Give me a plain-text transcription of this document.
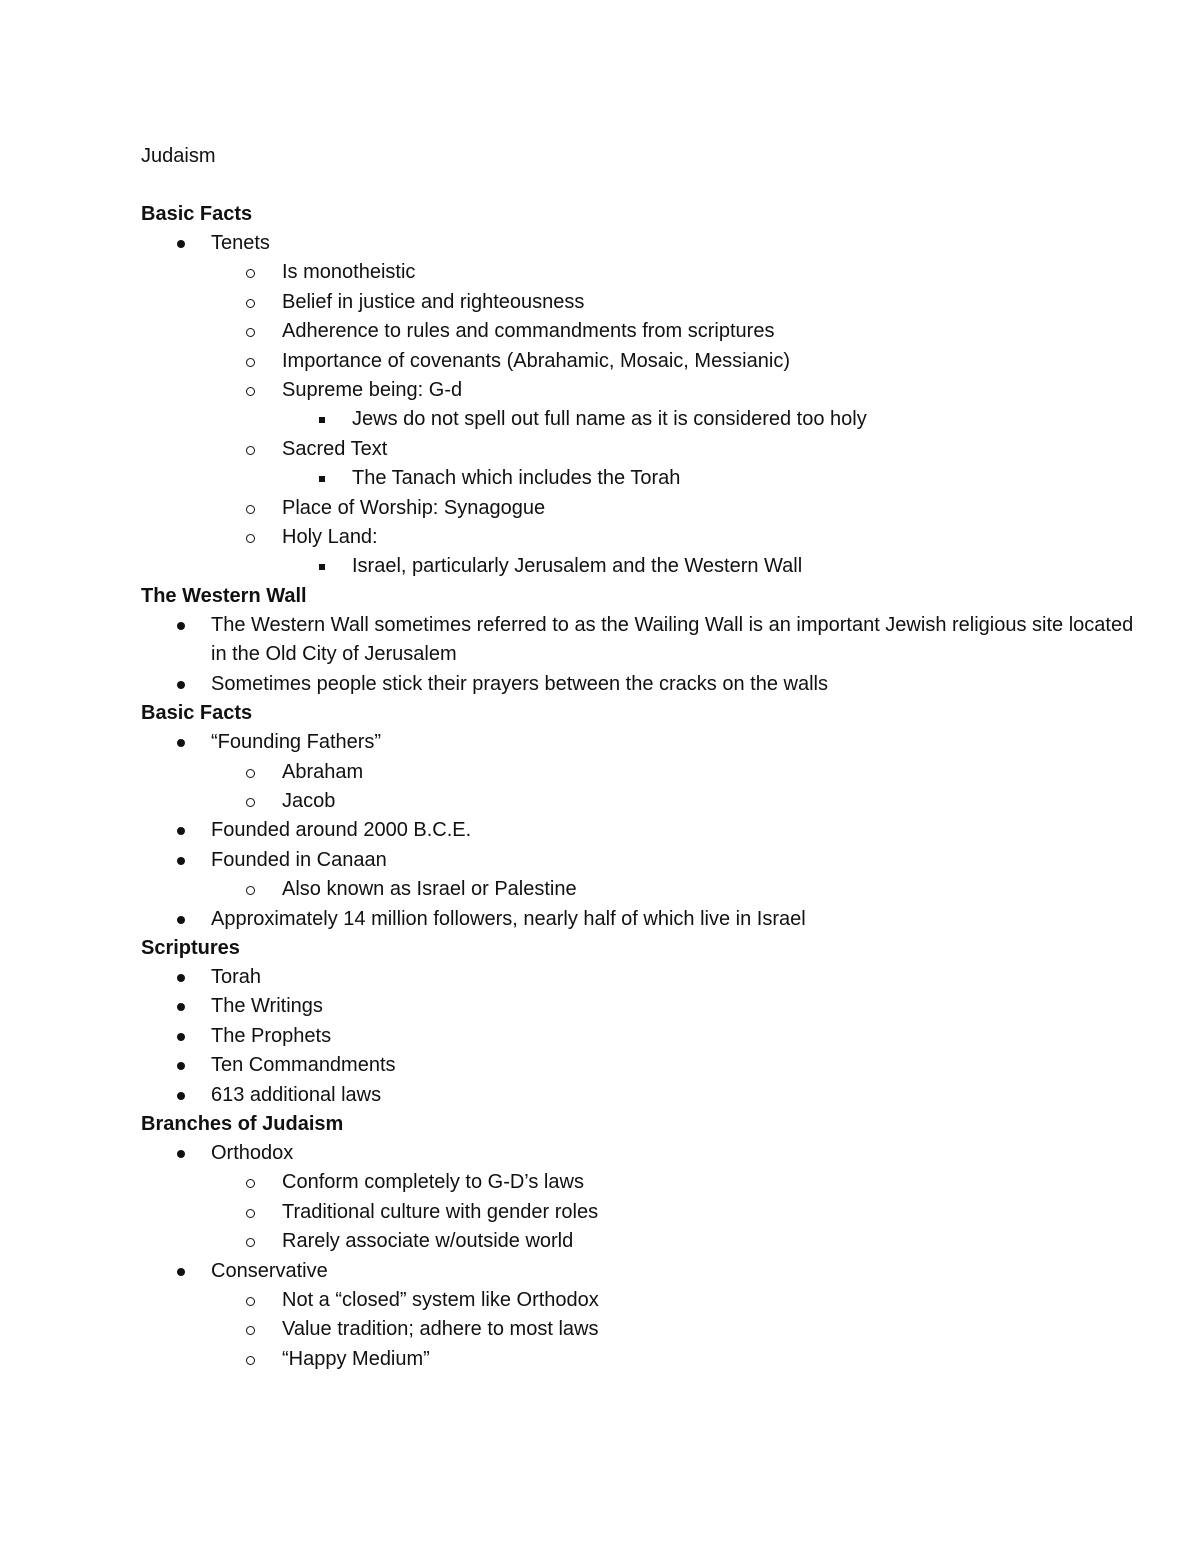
Judaism

Basic Facts

Tenets
Is monotheistic
Belief in justice and righteousness
Adherence to rules and commandments from scriptures
Importance of covenants (Abrahamic, Mosaic, Messianic)
Supreme being: G-d
Jews do not spell out full name as it is considered too holy
Sacred Text
The Tanach which includes the Torah
Place of Worship: Synagogue
Holy Land:
Israel, particularly Jerusalem and the Western Wall

The Western Wall

The Western Wall sometimes referred to as the Wailing Wall is an important Jewish religious site located in the Old City of Jerusalem
Sometimes people stick their prayers between the cracks on the walls

Basic Facts

“Founding Fathers”
Abraham
Jacob
Founded around 2000 B.C.E.
Founded in Canaan
Also known as Israel or Palestine
Approximately 14 million followers, nearly half of which live in Israel

Scriptures

Torah
The Writings
The Prophets
Ten Commandments
613 additional laws

Branches of Judaism

Orthodox
Conform completely to G-D’s laws
Traditional culture with gender roles
Rarely associate w/outside world
Conservative
Not a “closed” system like Orthodox
Value tradition; adhere to most laws
“Happy Medium”
